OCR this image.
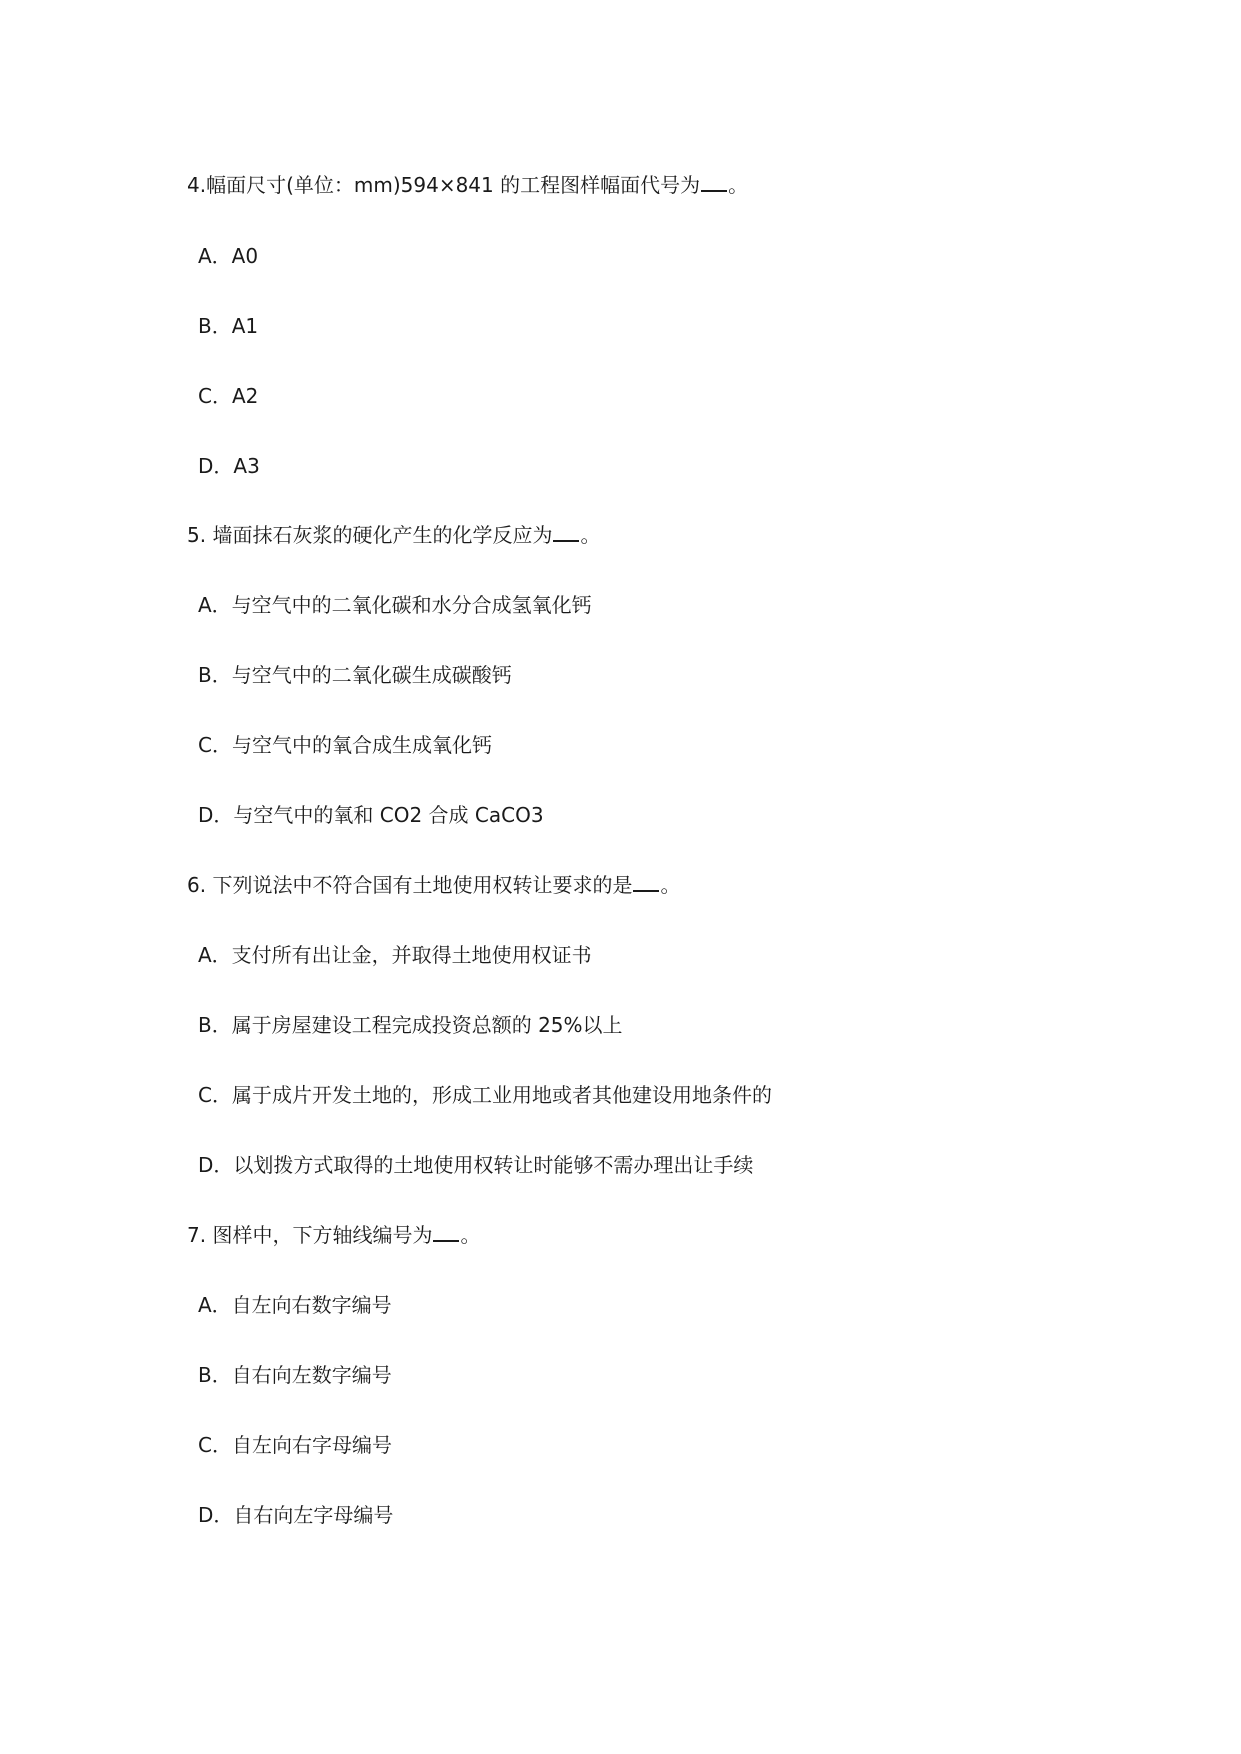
4.幅面尺寸(单位：mm)594×841 的工程图样幅面代号为 。
A．A0
B．A1
C．A2
D．A3
5. 墙面抹石灰浆的硬化产生的化学反应为 。
A．与空气中的二氧化碳和水分合成氢氧化钙
B．与空气中的二氧化碳生成碳酸钙
C．与空气中的氧合成生成氧化钙
D．与空气中的氧和 CO2 合成 CaCO3
6. 下列说法中不符合国有土地使用权转让要求的是 。
A．支付所有出让金，并取得土地使用权证书
B．属于房屋建设工程完成投资总额的 25%以上
C．属于成片开发土地的，形成工业用地或者其他建设用地条件的
D．以划拨方式取得的土地使用权转让时能够不需办理出让手续
7. 图样中，下方轴线编号为 。
A．自左向右数字编号
B．自右向左数字编号
C．自左向右字母编号
D．自右向左字母编号
